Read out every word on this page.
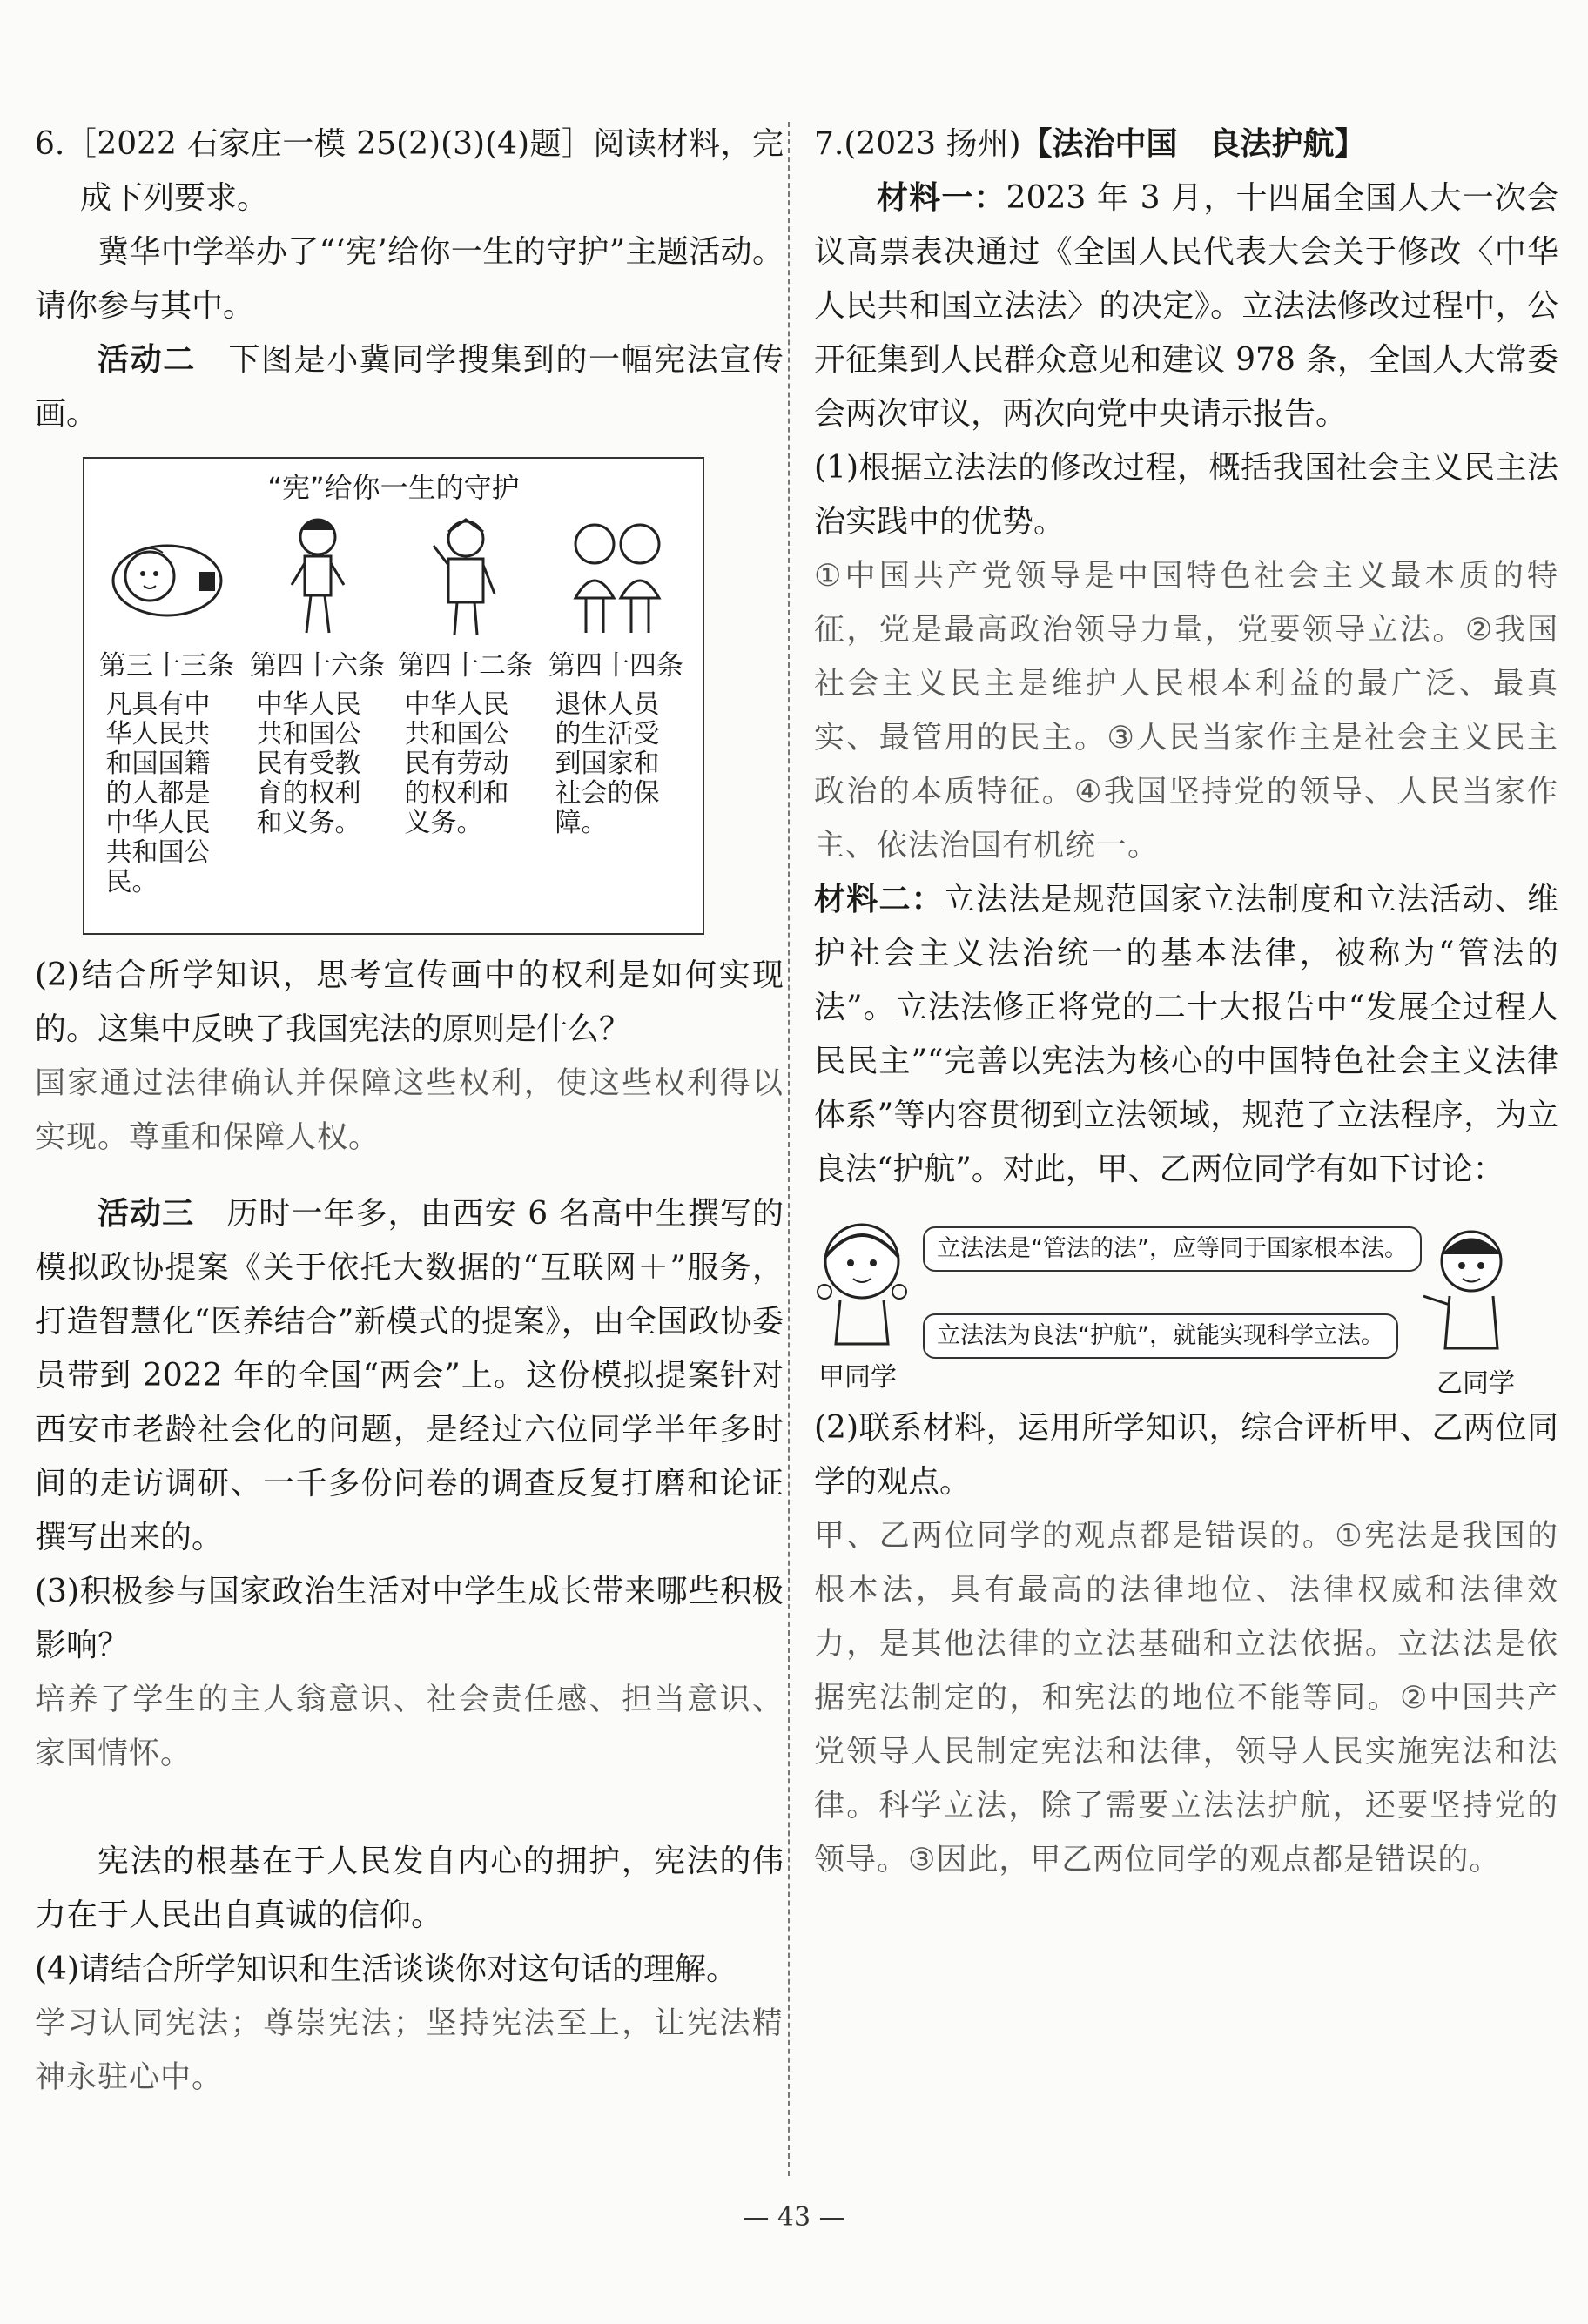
6.［2022 石家庄一模 25(2)(3)(4)题］阅读材料，完成下列要求。

冀华中学举办了“‘宪’给你一生的守护”主题活动。请你参与其中。

活动二　 下图是小冀同学搜集到的一幅宪法宣传画。

“宪”给你一生的守护
第三十三条
凡具有中华人民共和国国籍的人都是中华人民共和国公民。
第四十六条
中华人民共和国公民有受教育的权利和义务。
第四十二条
中华人民共和国公民有劳动的权利和义务。
第四十四条
退休人员的生活受到国家和社会的保障。

(2)结合所学知识，思考宣传画中的权利是如何实现的。这集中反映了我国宪法的原则是什么？

国家通过法律确认并保障这些权利，使这些权利得以实现。尊重和保障人权。

活动三　 历时一年多，由西安 6 名高中生撰写的模拟政协提案《关于依托大数据的“互联网＋”服务，打造智慧化“医养结合”新模式的提案》，由全国政协委员带到 2022 年的全国“两会”上。这份模拟提案针对西安市老龄社会化的问题，是经过六位同学半年多时间的走访调研、一千多份问卷的调查反复打磨和论证撰写出来的。

(3)积极参与国家政治生活对中学生成长带来哪些积极影响？

培养了学生的主人翁意识、社会责任感、担当意识、家国情怀。

宪法的根基在于人民发自内心的拥护，宪法的伟力在于人民出自真诚的信仰。

(4)请结合所学知识和生活谈谈你对这句话的理解。

学习认同宪法；尊崇宪法；坚持宪法至上，让宪法精神永驻心中。

7.(2023 扬州)【法治中国　良法护航】

材料一：2023 年 3 月，十四届全国人大一次会议高票表决通过《全国人民代表大会关于修改〈中华人民共和国立法法〉的决定》。立法法修改过程中，公开征集到人民群众意见和建议 978 条，全国人大常委会两次审议，两次向党中央请示报告。

(1)根据立法法的修改过程，概括我国社会主义民主法治实践中的优势。

①中国共产党领导是中国特色社会主义最本质的特征，党是最高政治领导力量，党要领导立法。②我国社会主义民主是维护人民根本利益的最广泛、最真实、最管用的民主。③人民当家作主是社会主义民主政治的本质特征。④我国坚持党的领导、人民当家作主、依法治国有机统一。

材料二：立法法是规范国家立法制度和立法活动、维护社会主义法治统一的基本法律，被称为“管法的法”。立法法修正将党的二十大报告中“发展全过程人民民主”“完善以宪法为核心的中国特色社会主义法律体系”等内容贯彻到立法领域，规范了立法程序，为立良法“护航”。对此，甲、乙两位同学有如下讨论：

立法法是“管法的法”，应等同于国家根本法。
立法法为良法“护航”，就能实现科学立法。
甲同学	乙同学

(2)联系材料，运用所学知识，综合评析甲、乙两位同学的观点。

甲、乙两位同学的观点都是错误的。①宪法是我国的根本法，具有最高的法律地位、法律权威和法律效力，是其他法律的立法基础和立法依据。立法法是依据宪法制定的，和宪法的地位不能等同。②中国共产党领导人民制定宪法和法律，领导人民实施宪法和法律。科学立法，除了需要立法法护航，还要坚持党的领导。③因此，甲乙两位同学的观点都是错误的。

— 43 —
